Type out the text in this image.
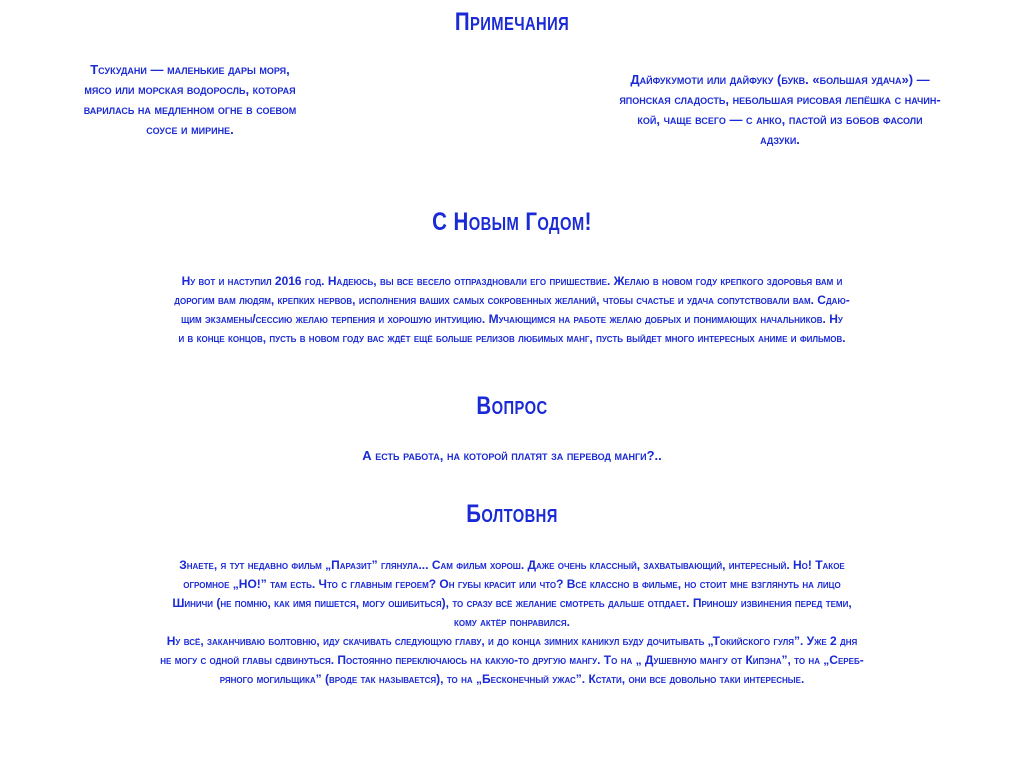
Примечания
Тсукудани — маленькие дары моря,
мясо или морская водоросль, которая
варилась на медленном огне в соевом
соусе и мирине.
Дайфукумоти или дайфуку (букв. «большая удача») —
японская сладость, небольшая рисовая лепёшка с начин-
кой, чаще всего — с анко, пастой из бобов фасоли
адзуки.
С Новым Годом!
Ну вот и наступил 2016 год. Надеюсь, вы все весело отпраздновали его пришествие. Желаю в новом году крепкого здоровья вам и
дорогим вам людям, крепких нервов, исполнения ваших самых сокровенных желаний, чтобы счастье и удача сопутствовали вам. Сдаю-
щим экзамены/сессию желаю терпения и хорошую интуицию. Мучающимся на работе желаю добрых и понимающих начальников. Ну
и в конце концов, пусть в новом году вас ждёт ещё больше релизов любимых манг, пусть выйдет много интересных аниме и фильмов.
Вопрос
А есть работа, на которой платят за перевод манги?..
Болтовня
Знаете, я тут недавно фильм „Паразит” глянула... Сам фильм хорош. Даже очень классный, захватывающий, интересный. Но! Такое
огромное „НО!” там есть. Что с главным героем? Он губы красит или что? Всё классно в фильме, но стоит мне взглянуть на лицо
Шиничи (не помню, как имя пишется, могу ошибиться), то сразу всё желание смотреть дальше отпдает. Приношу извинения перед теми,
кому актёр понравился.
Ну всё, заканчиваю болтовню, иду скачивать следующую главу, и до конца зимних каникул буду дочитывать „Токийского гуля”. Уже 2 дня
не могу с одной главы сдвинуться. Постоянно переключаюсь на какую-то другую мангу. То на „ Душевную мангу от Кипэна”, то на „Сереб-
ряного могильщика” (вроде так называется), то на „Бесконечный ужас”. Кстати, они все довольно таки интересные.
